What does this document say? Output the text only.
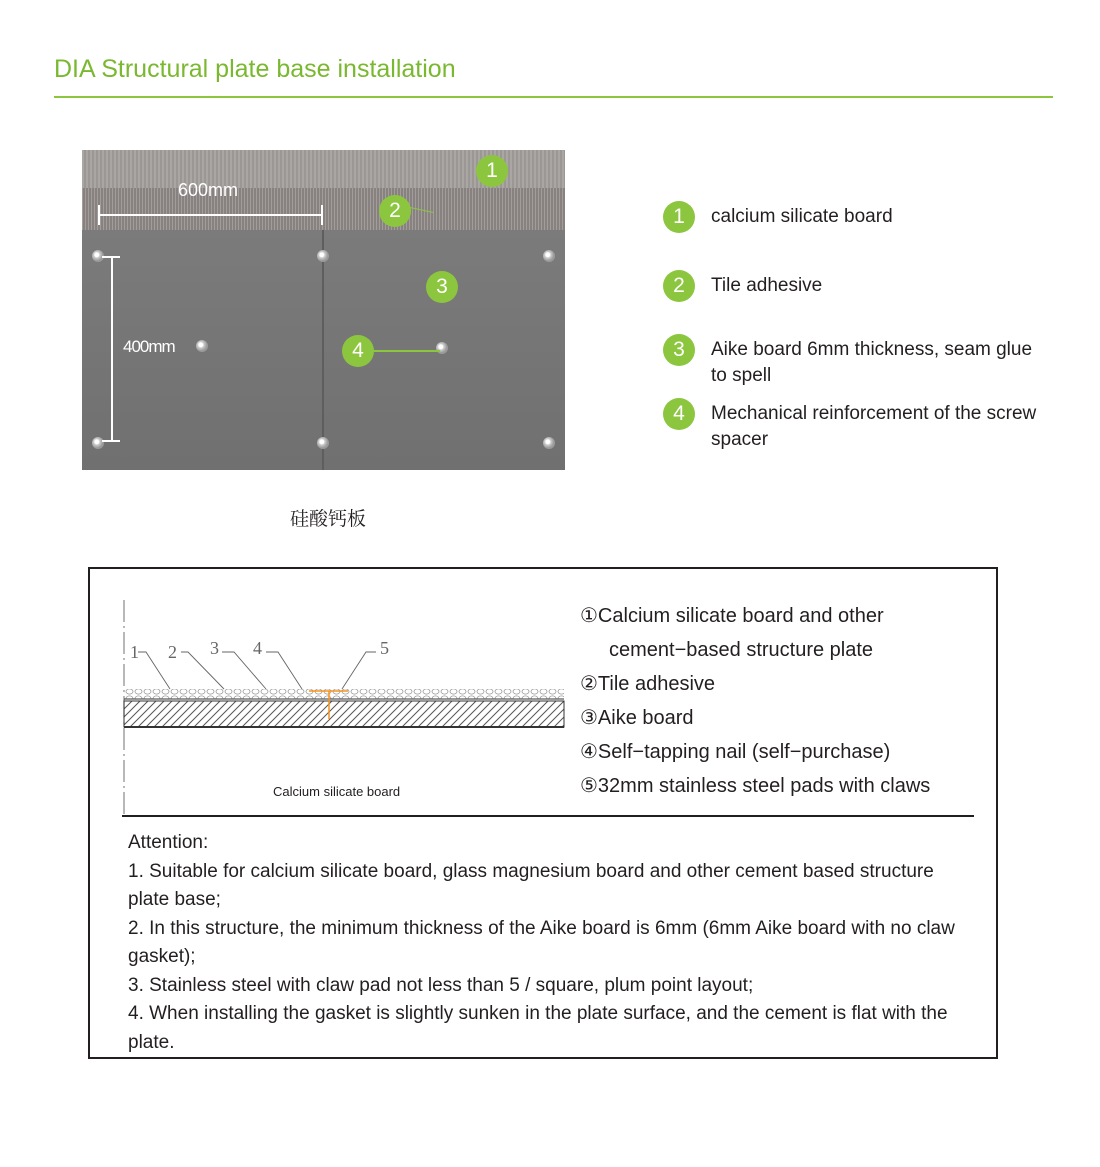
DIA Structural plate base installation
600mm
400mm
1
2
3
4
硅酸钙板
1	calcium silicate board
2	Tile adhesive
3	Aike board 6mm thickness, seam glue to spell
4	Mechanical reinforcement of the screw spacer
1 2 3 4	5
Calcium silicate board
①Calcium silicate board and other
cement−based structure plate
②Tile adhesive
③Aike board
④Self−tapping nail (self−purchase)
⑤32mm stainless steel pads with claws
Attention:
1. Suitable for calcium silicate board, glass magnesium board and other cement based structure plate base;
2. In this structure, the minimum thickness of the Aike board is 6mm (6mm Aike board with no claw gasket);
3. Stainless steel with claw pad not less than 5 / square, plum point layout;
4. When installing the gasket is slightly sunken in the plate surface, and the cement is flat with the plate.
